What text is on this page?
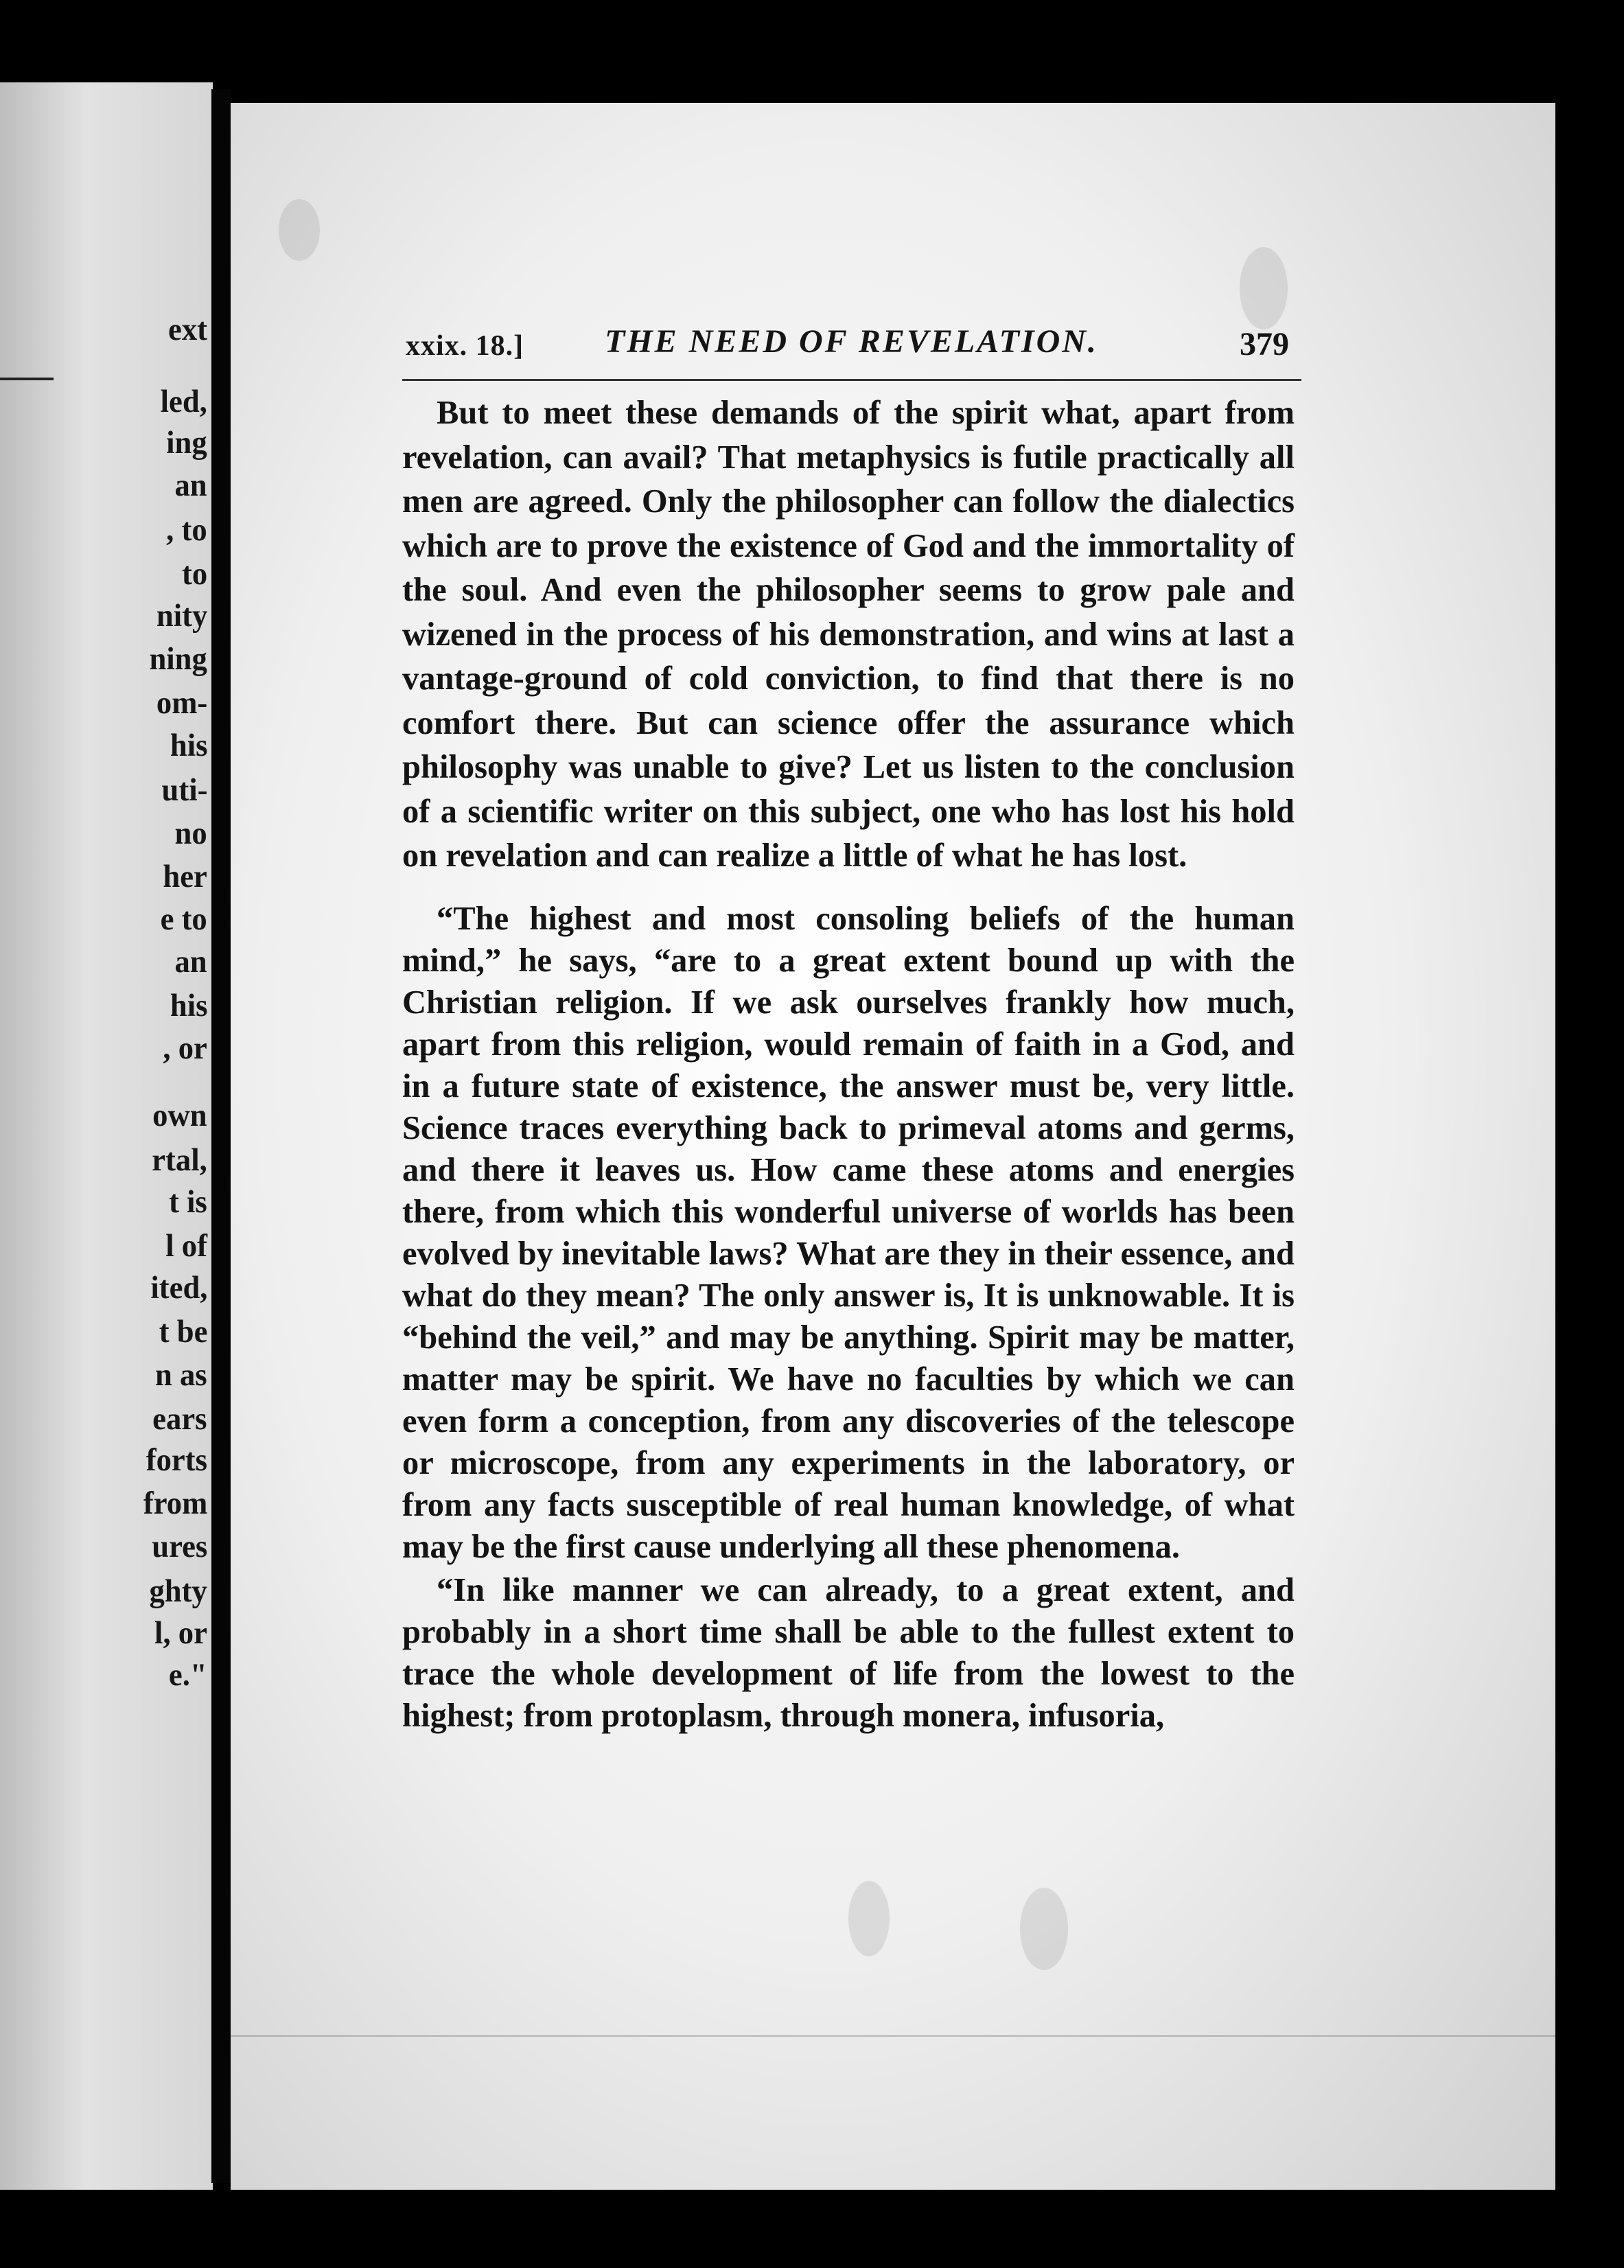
ext
led,
ing
an
, to
to
nity
ning
om-
his
uti-
no
her
e to
an
his
, or
own
rtal,
t is
l of
ited,
t be
n as
ears
forts
from
ures
ghty
l, or
e."
xxix. 18.] THE NEED OF REVELATION.	379

But to meet these demands of the spirit what, apart from revelation, can avail? That metaphysics is futile practically all men are agreed. Only the philosopher can follow the dialectics which are to prove the existence of God and the immortality of the soul. And even the philosopher seems to grow pale and wizened in the process of his demonstration, and wins at last a vantage-ground of cold conviction, to find that there is no comfort there. But can science offer the assurance which philosophy was unable to give? Let us listen to the conclusion of a scientific writer on this subject, one who has lost his hold on revelation and can realize a little of what he has lost.

“The highest and most consoling beliefs of the human mind,” he says, “are to a great extent bound up with the Christian religion. If we ask ourselves frankly how much, apart from this religion, would remain of faith in a God, and in a future state of existence, the answer must be, very little. Science traces everything back to primeval atoms and germs, and there it leaves us. How came these atoms and energies there, from which this wonderful universe of worlds has been evolved by inevitable laws? What are they in their essence, and what do they mean? The only answer is, It is unknowable. It is “behind the veil,” and may be anything. Spirit may be matter, matter may be spirit. We have no faculties by which we can even form a conception, from any discoveries of the telescope or microscope, from any experiments in the laboratory, or from any facts susceptible of real human knowledge, of what may be the first cause underlying all these phenomena.

“In like manner we can already, to a great extent, and probably in a short time shall be able to the fullest extent to trace the whole development of life from the lowest to the highest; from protoplasm, through monera, infusoria,
